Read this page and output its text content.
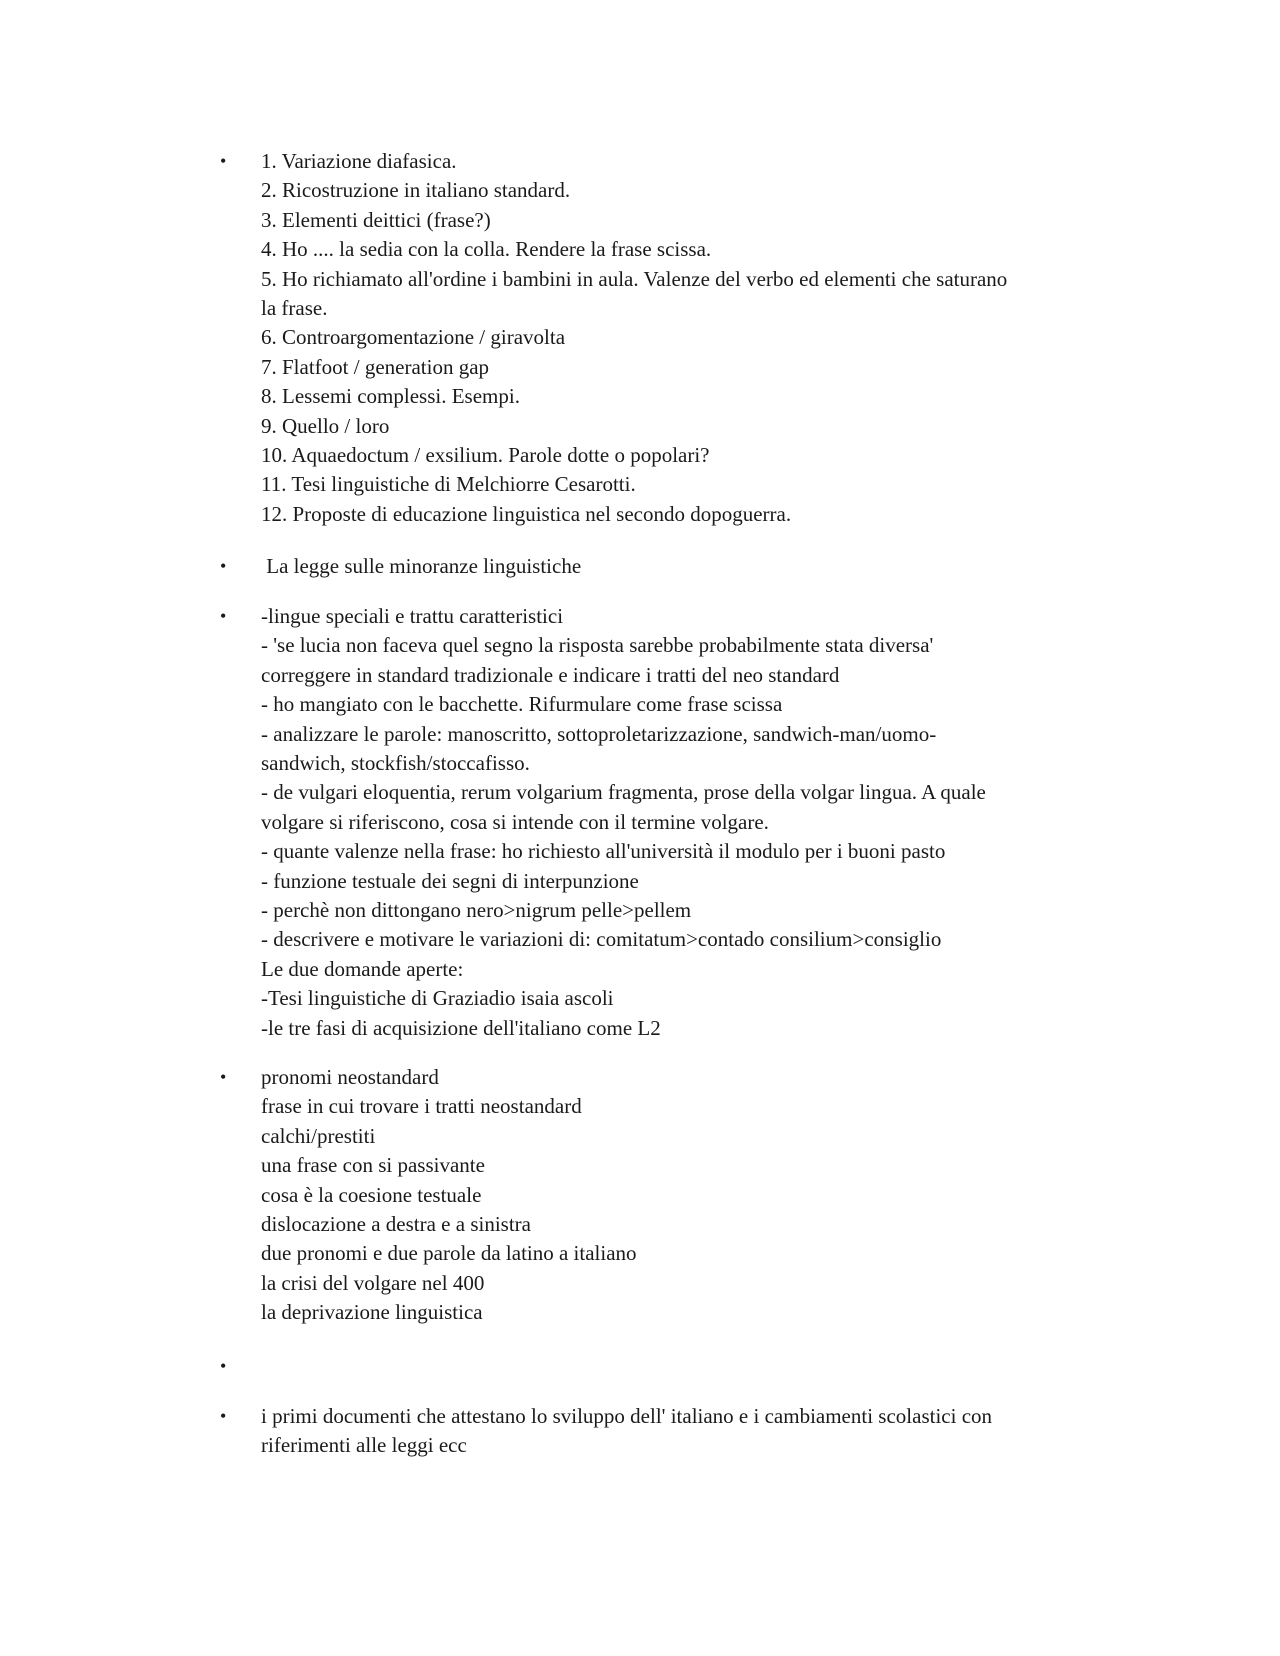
• 1. Variazione diafasica.
2. Ricostruzione in italiano standard.
3. Elementi deittici (frase?)
4. Ho .... la sedia con la colla. Rendere la frase scissa.
5. Ho richiamato all'ordine i bambini in aula. Valenze del verbo ed elementi che saturano
la frase.
6. Controargomentazione / giravolta
7. Flatfoot / generation gap
8. Lessemi complessi. Esempi.
9. Quello / loro
10. Aquaedoctum / exsilium. Parole dotte o popolari?
11. Tesi linguistiche di Melchiorre Cesarotti.
12. Proposte di educazione linguistica nel secondo dopoguerra.
• La legge sulle minoranze linguistiche
• -lingue speciali e trattu caratteristici
- 'se lucia non faceva quel segno la risposta sarebbe probabilmente stata diversa'
correggere in standard tradizionale e indicare i tratti del neo standard
- ho mangiato con le bacchette. Rifurmulare come frase scissa
- analizzare le parole: manoscritto, sottoproletarizzazione, sandwich-man/uomo-
sandwich, stockfish/stoccafisso.
- de vulgari eloquentia, rerum volgarium fragmenta, prose della volgar lingua. A quale
volgare si riferiscono, cosa si intende con il termine volgare.
- quante valenze nella frase: ho richiesto all'università il modulo per i buoni pasto
- funzione testuale dei segni di interpunzione
- perchè non dittongano nero>nigrum pelle>pellem
- descrivere e motivare le variazioni di: comitatum>contado consilium>consiglio
Le due domande aperte:
-Tesi linguistiche di Graziadio isaia ascoli
-le tre fasi di acquisizione dell'italiano come L2
• pronomi neostandard
frase in cui trovare i tratti neostandard
calchi/prestiti
una frase con si passivante
cosa è la coesione testuale
dislocazione a destra e a sinistra
due pronomi e due parole da latino a italiano
la crisi del volgare nel 400
la deprivazione linguistica
•
• i primi documenti che attestano lo sviluppo dell' italiano e i cambiamenti scolastici con
riferimenti alle leggi ecc
